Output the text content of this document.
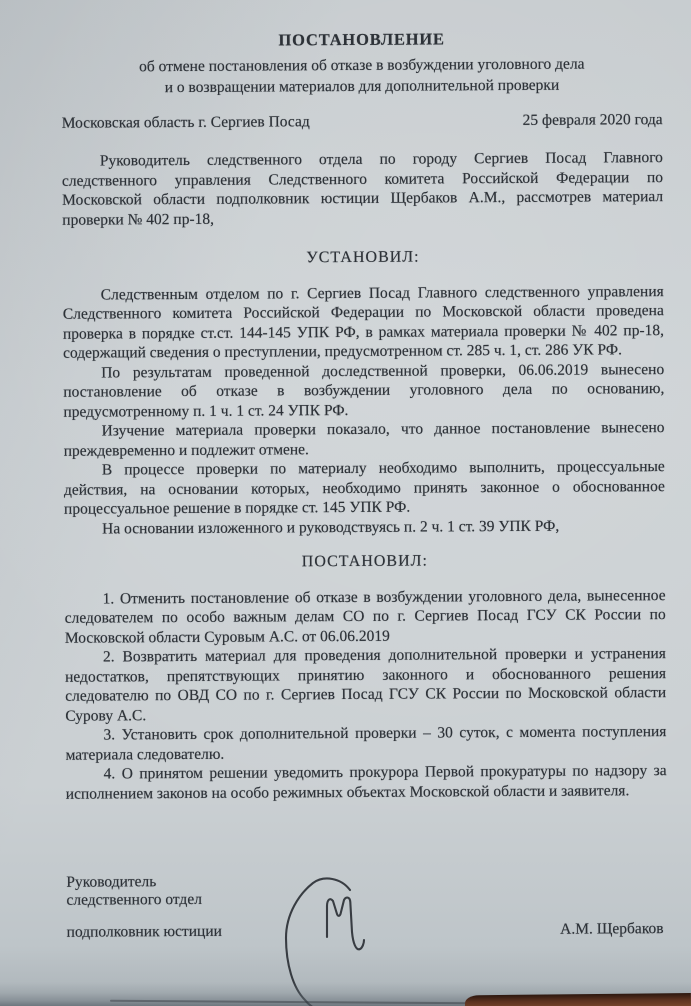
ПОСТАНОВЛЕНИЕ

об отмене постановления об отказе в возбуждении уголовного дела

и о возвращении материалов для дополнительной проверки

Московская область г. Сергиев Посад	25 февраля 2020 года

Руководитель следственного отдела по городу Сергиев Посад Главного следственного управления Следственного комитета Российской Федерации по Московской области подполковник юстиции Щербаков А.М., рассмотрев материал проверки № 402 пр-18,

УСТАНОВИЛ:

Следственным отделом по г. Сергиев Посад Главного следственного управления Следственного комитета Российской Федерации по Московской области проведена проверка в порядке ст.ст. 144-145 УПК РФ, в рамках материала проверки № 402 пр-18, содержащий сведения о преступлении, предусмотренном ст. 285 ч. 1, ст. 286 УК РФ.

По результатам проведенной доследственной проверки, 06.06.2019 вынесено постановление об отказе в возбуждении уголовного дела по основанию, предусмотренному п. 1 ч. 1 ст. 24 УПК РФ.

Изучение материала проверки показало, что данное постановление вынесено преждевременно и подлежит отмене.

В процессе проверки по материалу необходимо выполнить, процессуальные действия, на основании которых, необходимо принять законное о обоснованное процессуальное решение в порядке ст. 145 УПК РФ.

На основании изложенного и руководствуясь п. 2 ч. 1 ст. 39 УПК РФ,

ПОСТАНОВИЛ:

1. Отменить постановление об отказе в возбуждении уголовного дела, вынесенное следователем по особо важным делам СО по г. Сергиев Посад ГСУ СК России по Московской области Суровым А.С. от 06.06.2019

2. Возвратить материал для проведения дополнительной проверки и устранения недостатков, препятствующих принятию законного и обоснованного решения следователю по ОВД СО по г. Сергиев Посад ГСУ СК России по Московской области Сурову А.С.

3. Установить срок дополнительной проверки – 30 суток, с момента поступления материала следователю.

4. О принятом решении уведомить прокурора Первой прокуратуры по надзору за исполнением законов на особо режимных объектах Московской области и заявителя.

Руководитель
следственного отдел
подполковник юстиции	А.М. Щербаков
